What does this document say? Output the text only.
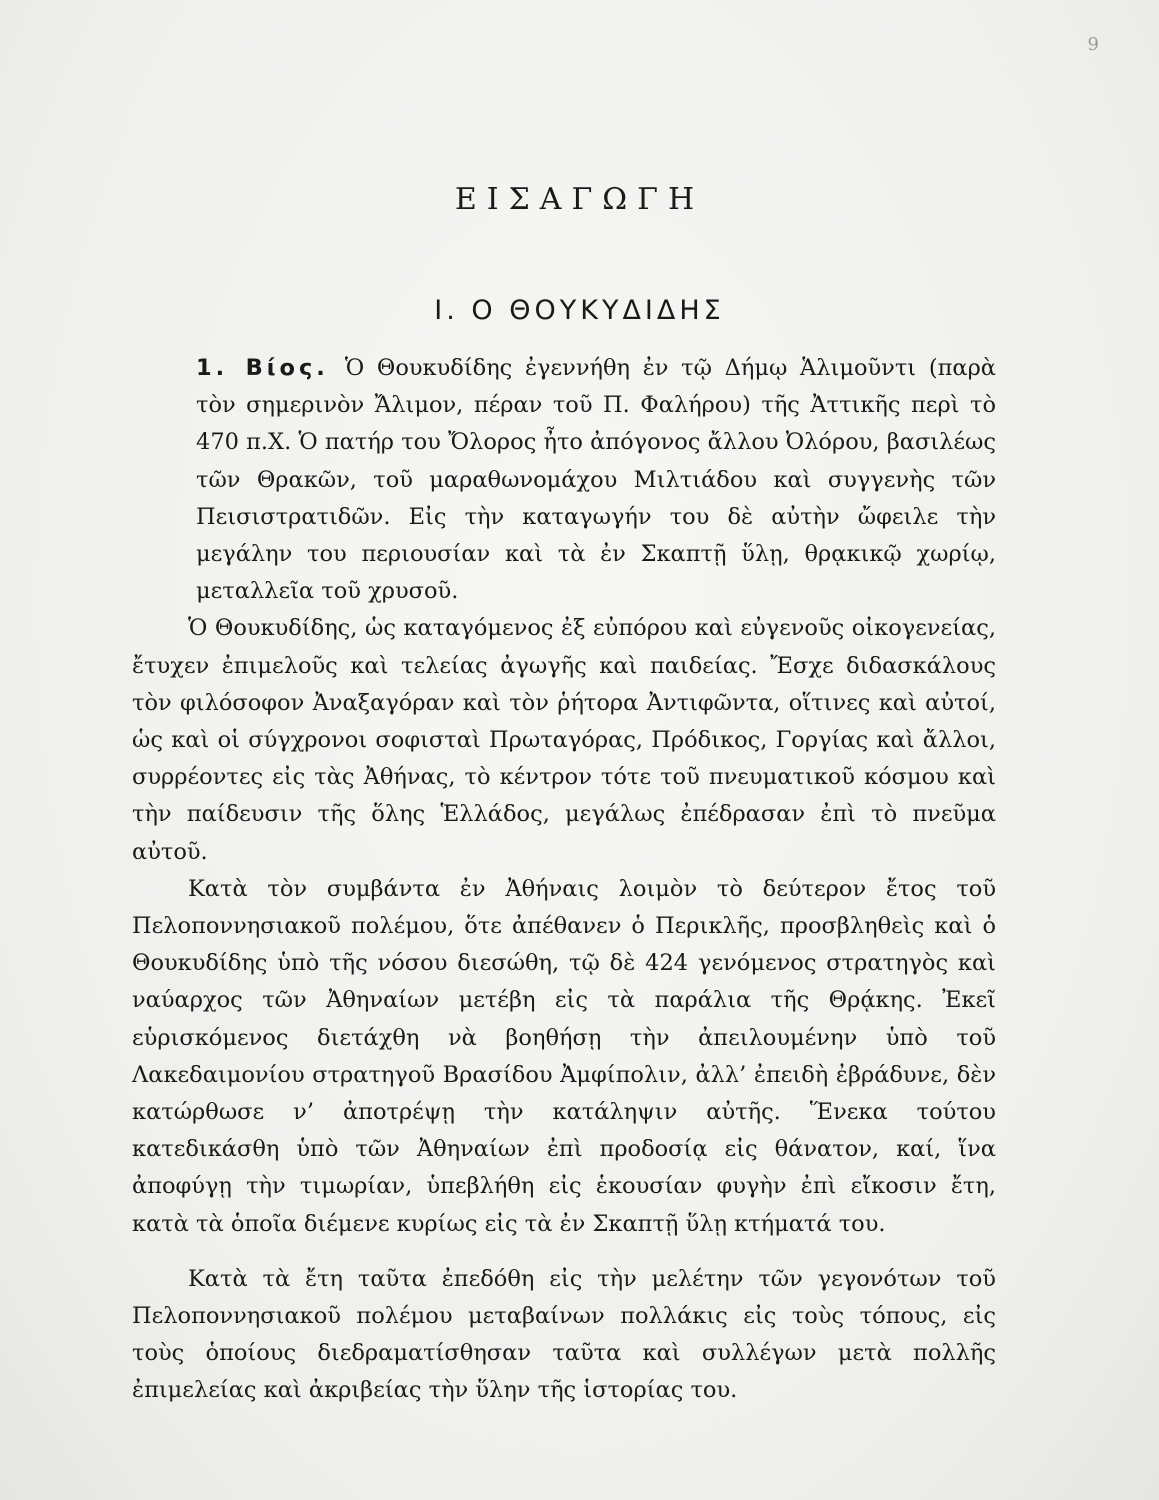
9
ΕΙΣΑΓΩΓΗ
Ι. Ο ΘΟΥΚΥΔΙΔΗΣ

1. Βίος. Ὁ Θουκυδίδης ἐγεννήθη ἐν τῷ Δήμῳ Ἁλιμοῦντι (παρὰ τὸν σημερινὸν Ἄλιμον, πέραν τοῦ Π. Φαλήρου) τῆς Ἀττικῆς περὶ τὸ 470 π.Χ. Ὁ πατήρ του Ὄλορος ἦτο ἀπόγονος ἄλλου Ὀλόρου, βασιλέως τῶν Θρακῶν, τοῦ μαραθωνομάχου Μιλτιάδου καὶ συγγενὴς τῶν Πεισιστρατιδῶν. Εἰς τὴν καταγωγήν του δὲ αὐτὴν ὤφειλε τὴν μεγάλην του περιουσίαν καὶ τὰ ἐν Σκαπτῇ ὕλῃ, θρᾳκικῷ χωρίῳ, μεταλλεῖα τοῦ χρυσοῦ.

Ὁ Θουκυδίδης, ὡς καταγόμενος ἐξ εὐπόρου καὶ εὐγενοῦς οἰκογενείας, ἔτυχεν ἐπιμελοῦς καὶ τελείας ἀγωγῆς καὶ παιδείας. Ἔσχε διδασκάλους τὸν φιλόσοφον Ἀναξαγόραν καὶ τὸν ῥήτορα Ἀντιφῶντα, οἵτινες καὶ αὐτοί, ὡς καὶ οἱ σύγχρονοι σοφισταὶ Πρωταγόρας, Πρόδικος, Γοργίας καὶ ἄλλοι, συρρέοντες εἰς τὰς Ἀθήνας, τὸ κέντρον τότε τοῦ πνευματικοῦ κόσμου καὶ τὴν παίδευσιν τῆς ὅλης Ἑλλάδος, μεγάλως ἐπέδρασαν ἐπὶ τὸ πνεῦμα αὐτοῦ.

Κατὰ τὸν συμβάντα ἐν Ἀθήναις λοιμὸν τὸ δεύτερον ἔτος τοῦ Πελοποννησιακοῦ πολέμου, ὅτε ἀπέθανεν ὁ Περικλῆς, προσβληθεὶς καὶ ὁ Θουκυδίδης ὑπὸ τῆς νόσου διεσώθη, τῷ δὲ 424 γενόμενος στρατηγὸς καὶ ναύαρχος τῶν Ἀθηναίων μετέβη εἰς τὰ παράλια τῆς Θρᾴκης. Ἐκεῖ εὑρισκόμενος διετάχθη νὰ βοηθήσῃ τὴν ἀπειλουμένην ὑπὸ τοῦ Λακεδαιμονίου στρατηγοῦ Βρασίδου Ἀμφίπολιν, ἀλλ’ ἐπειδὴ ἐβράδυνε, δὲν κατώρθωσε ν’ ἀποτρέψῃ τὴν κατάληψιν αὐτῆς. Ἕνεκα τούτου κατεδικάσθη ὑπὸ τῶν Ἀθηναίων ἐπὶ προδοσίᾳ εἰς θάνατον, καί, ἵνα ἀποφύγῃ τὴν τιμωρίαν, ὑπεβλήθη εἰς ἑκουσίαν φυγὴν ἐπὶ εἴκοσιν ἔτη, κατὰ τὰ ὁποῖα διέμενε κυρίως εἰς τὰ ἐν Σκαπτῇ ὕλῃ κτήματά του.

Κατὰ τὰ ἔτη ταῦτα ἐπεδόθη εἰς τὴν μελέτην τῶν γεγονότων τοῦ Πελοποννησιακοῦ πολέμου μεταβαίνων πολλάκις εἰς τοὺς τόπους, εἰς τοὺς ὁποίους διεδραματίσθησαν ταῦτα καὶ συλλέγων μετὰ πολλῆς ἐπιμελείας καὶ ἀκριβείας τὴν ὕλην τῆς ἱστορίας του.
